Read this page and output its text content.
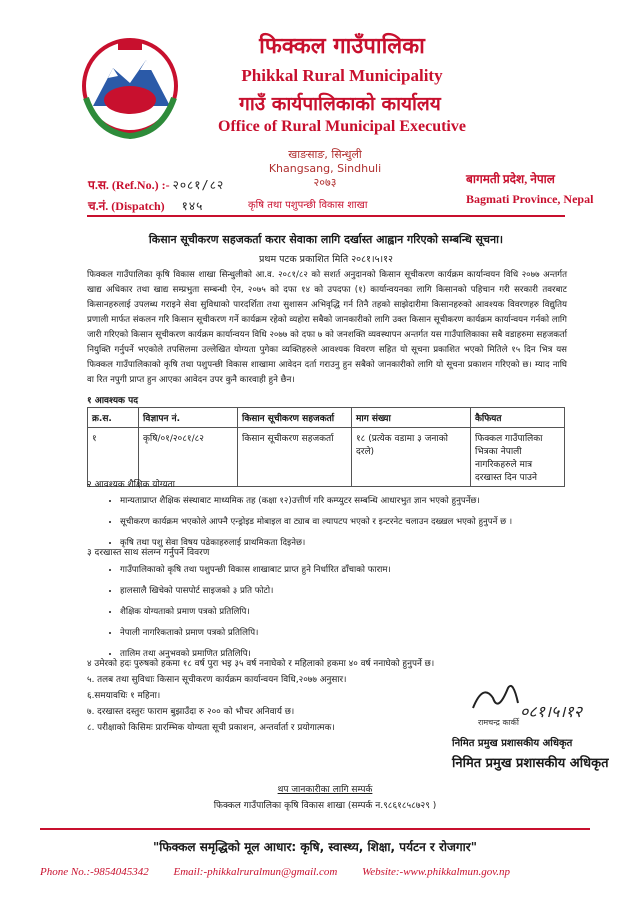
फिक्कल गाउँपालिका
Phikkal Rural Municipality
गाउँ कार्यपालिकाको कार्यालय
Office of Rural Municipal Executive
खाङसाङ, सिन्धुली
Khangsang, Sindhuli
२०७३
प.स. (Ref.No.) :- २०८१/८२
च.नं. (Dispatch) १४५	कृषि तथा पशुपन्छी विकास शाखा
बागमती प्रदेश, नेपाल
Bagmati Province, Nepal
किसान सूचीकरण सहजकर्ता करार सेवाका लागि दर्खास्त आह्वान गरिएको सम्बन्धि सूचना।
प्रथम पटक प्रकाशित मिति २०८१।५।१२
फिक्कल गाउँपालिका कृषि विकास शाखा सिन्धुलीको आ.व. २०८१/८२ को सशर्त अनुदानको किसान सूचीकरण कार्यक्रम कार्यान्वयन विधि २०७७ अन्तर्गत खाद्य अधिकार तथा खाद्य सम्प्रभुता सम्बन्धी ऐन, २०७५ को दफा १४ को उपदफा (१) कार्यान्वयनका लागि किसानको पहिचान गरी सरकारी तवरबाट किसानहरुलाई उपलब्ध गराइने सेवा सुविधाको पारदर्शिता तथा सुशासन अभिवृद्धि गर्न तिनै तहको साझेदारीमा किसानहरुको आवश्यक विवरणहरु विद्युतिय प्रणाली मार्फत संकलन गरि किसान सूचीकरण गर्ने कार्यक्रम रहेको व्यहोरा सबैको जानकारीको लागि उक्त किसान सूचीकरण कार्यक्रम कार्यान्वयन गर्नको लागि जारी गरिएको किसान सूचीकरण कार्यक्रम कार्यान्वयन विधि २०७७ को दफा ७ को जनशक्ति व्यवस्थापन अन्तर्गत यस गाउँपालिकाका सबै वडाहरुमा सहजकर्ता नियुक्ति गर्नुपर्ने भएकोले तपसिलमा उल्लेखित योग्यता पुगेका व्यक्तिहरुले आवश्यक विवरण सहित यो सूचना प्रकाशित भएको मितिले १५ दिन भित्र यस फिक्कल गाउँपालिकाको कृषि तथा पशुपन्छी विकास शाखामा आवेदन दर्ता गराउनु हुन सबैको जानकारीको लागि यो सूचना प्रकाशन गरिएको छ। म्याद नाघि वा रित नपुगी प्राप्त हुन आएका आवेदन उपर कुनै कारवाही हुने छैन।
१ आवश्यक पद
क्र.स.	विज्ञापन नं.	किसान सूचीकरण सहजकर्ता	माग संख्या	कैफियत
१	कृषि/०१/२०८१/८२	किसान सूचीकरण सहजकर्ता	१८ (प्रत्येक वडामा ३ जनाको दरले)	फिक्कल गाउँपालिका भित्रका नेपाली नागरिकहरुले मात्र दरखास्त दिन पाउने
२ आवश्यक शैक्षिक योग्यता
• मान्यताप्राप्त शैक्षिक संस्थाबाट माध्यमिक तह (कक्षा १२)उत्तीर्ण गरि कम्प्युटर सम्बन्धि आधारभुत ज्ञान भएको हुनुपर्नेछ।
• सूचीकरण कार्यक्रम भएकोले आफ्नै एन्ड्रोइड मोबाइल वा ट्याब वा ल्यापटप भएको र इन्टरनेट चलाउन दख्खल भएको हुनुपर्ने छ ।
• कृषि तथा पशु सेवा विषय पढेकाहरुलाई प्राथमिकता दिइनेछ।
३ दरखास्त साथ संलग्न गर्नुपर्ने विवरण
• गाउँपालिकाको कृषि तथा पशुपन्छी विकास शाखाबाट प्राप्त हुने निर्धारित ढाँचाको फाराम।
• हालसालै खिचेको पासपोर्ट साइजको ३ प्रति फोटो।
• शैक्षिक योग्यताको प्रमाण पत्रको प्रतिलिपि।
• नेपाली नागरिकताको प्रमाण पत्रको प्रतिलिपि।
• तालिम तथा अनुभवको प्रमाणित प्रतिलिपि।
४ उमेरको हदः पुरुषको हकमा १८ वर्ष पुरा भइ ३५ वर्ष ननाघेको र महिलाको हकमा ४० वर्ष ननाघेको हुनुपर्ने छ।
५. तलब तथा सुविधाः किसान सूचीकरण कार्यक्रम कार्यान्वयन विधि,२०७७ अनुसार।
६.समयावधिः १ महिना।
७. दरखास्त दस्तुरः फाराम बुझाउँदा रु २०० को भौचर अनिवार्य छ।
८. परीक्षाको किसिमः प्रारम्भिक योग्यता सूची प्रकाशन, अन्तर्वार्ता र प्रयोगात्मक।
०८१।५।१२
रामचन्द्र कार्की
निमित प्रमुख प्रशासकीय अधिकृत
निमित प्रमुख प्रशासकीय अधिकृत
थप जानकारीका लागि सम्पर्क
फिक्कल गाउँपालिका कृषि विकास शाखा (सम्पर्क न.९८६१८५८७२९ )
"फिक्कल समृद्धिको मूल आधार: कृषि, स्वास्थ्य, शिक्षा, पर्यटन र रोजगार"
Phone No.:-9854045342 Email:-phikkalruralmun@gmail.com Website:-www.phikkalmun.gov.np
